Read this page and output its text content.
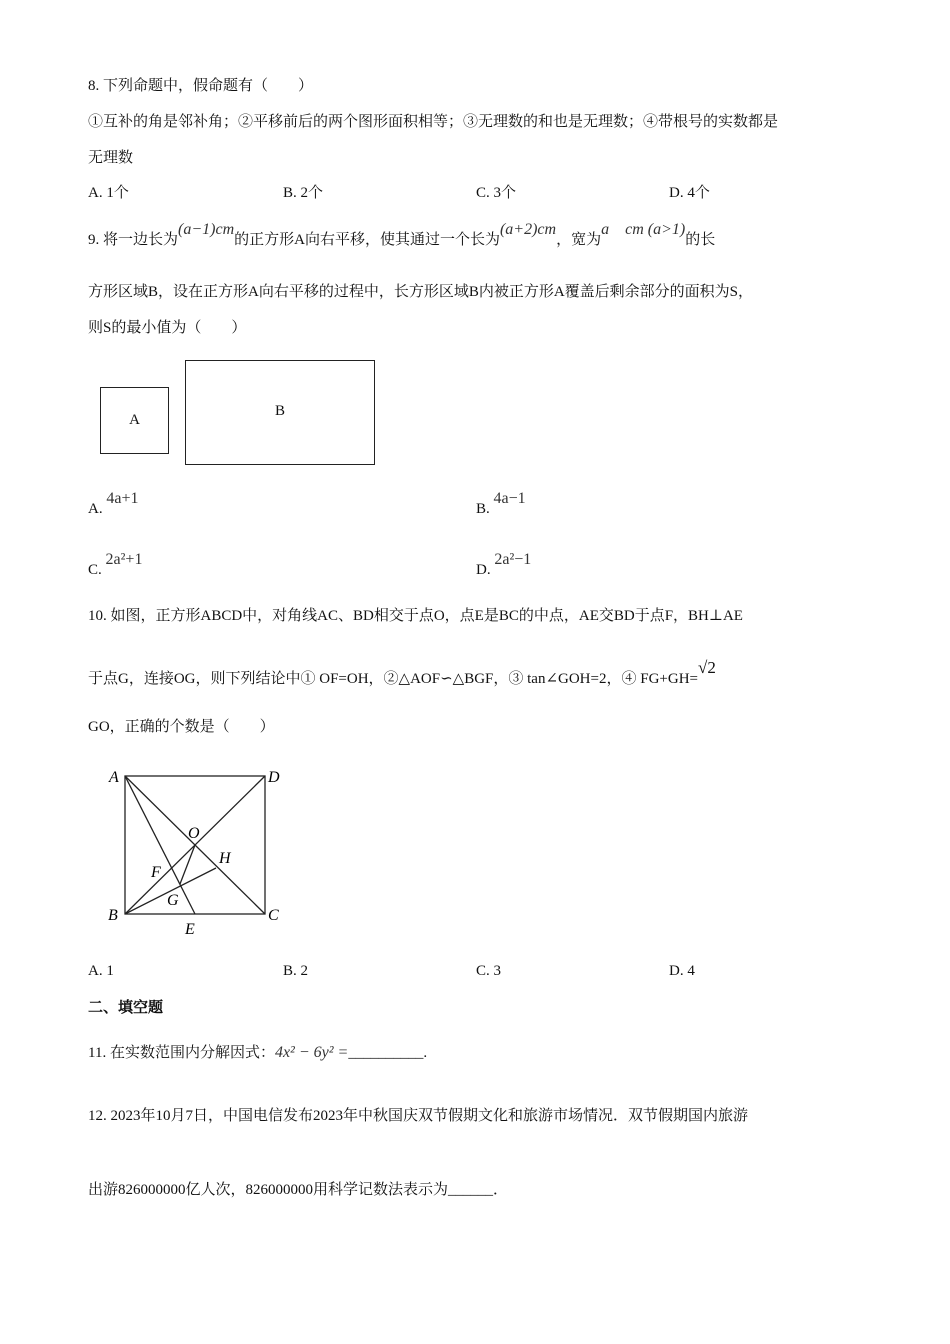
8. 下列命题中，假命题有（　　）
①互补的角是邻补角；②平移前后的两个图形面积相等；③无理数的和也是无理数；④带根号的实数都是
无理数
A. 1个	B. 2个	C. 3个	D. 4个
9. 将一边长为(a−1)cm的正方形A向右平移，使其通过一个长为(a+2)cm，宽为a　cm (a>1)的长
方形区域B，设在正方形A向右平移的过程中，长方形区域B内被正方形A覆盖后剩余部分的面积为S，
则S的最小值为（　　）
A
B
A. 4a+1
B. 4a−1
C. 2a²+1
D. 2a²−1
10. 如图，正方形ABCD中，对角线AC、BD相交于点O，点E是BC的中点，AE交BD于点F，BH⊥AE
于点G，连接OG，则下列结论中① OF=OH，②△AOF∽△BGF，③ tan∠GOH=2，④ FG+GH=√2
GO，正确的个数是（　　）
A	D
B	C
O
F
H
G
E
A. 1	B. 2	C. 3	D. 4
二、填空题
11. 在实数范围内分解因式：4x² − 6y² =__________.
12. 2023年10月7日，中国电信发布2023年中秋国庆双节假期文化和旅游市场情况．双节假期国内旅游
出游826000000亿人次，826000000用科学记数法表示为______．
